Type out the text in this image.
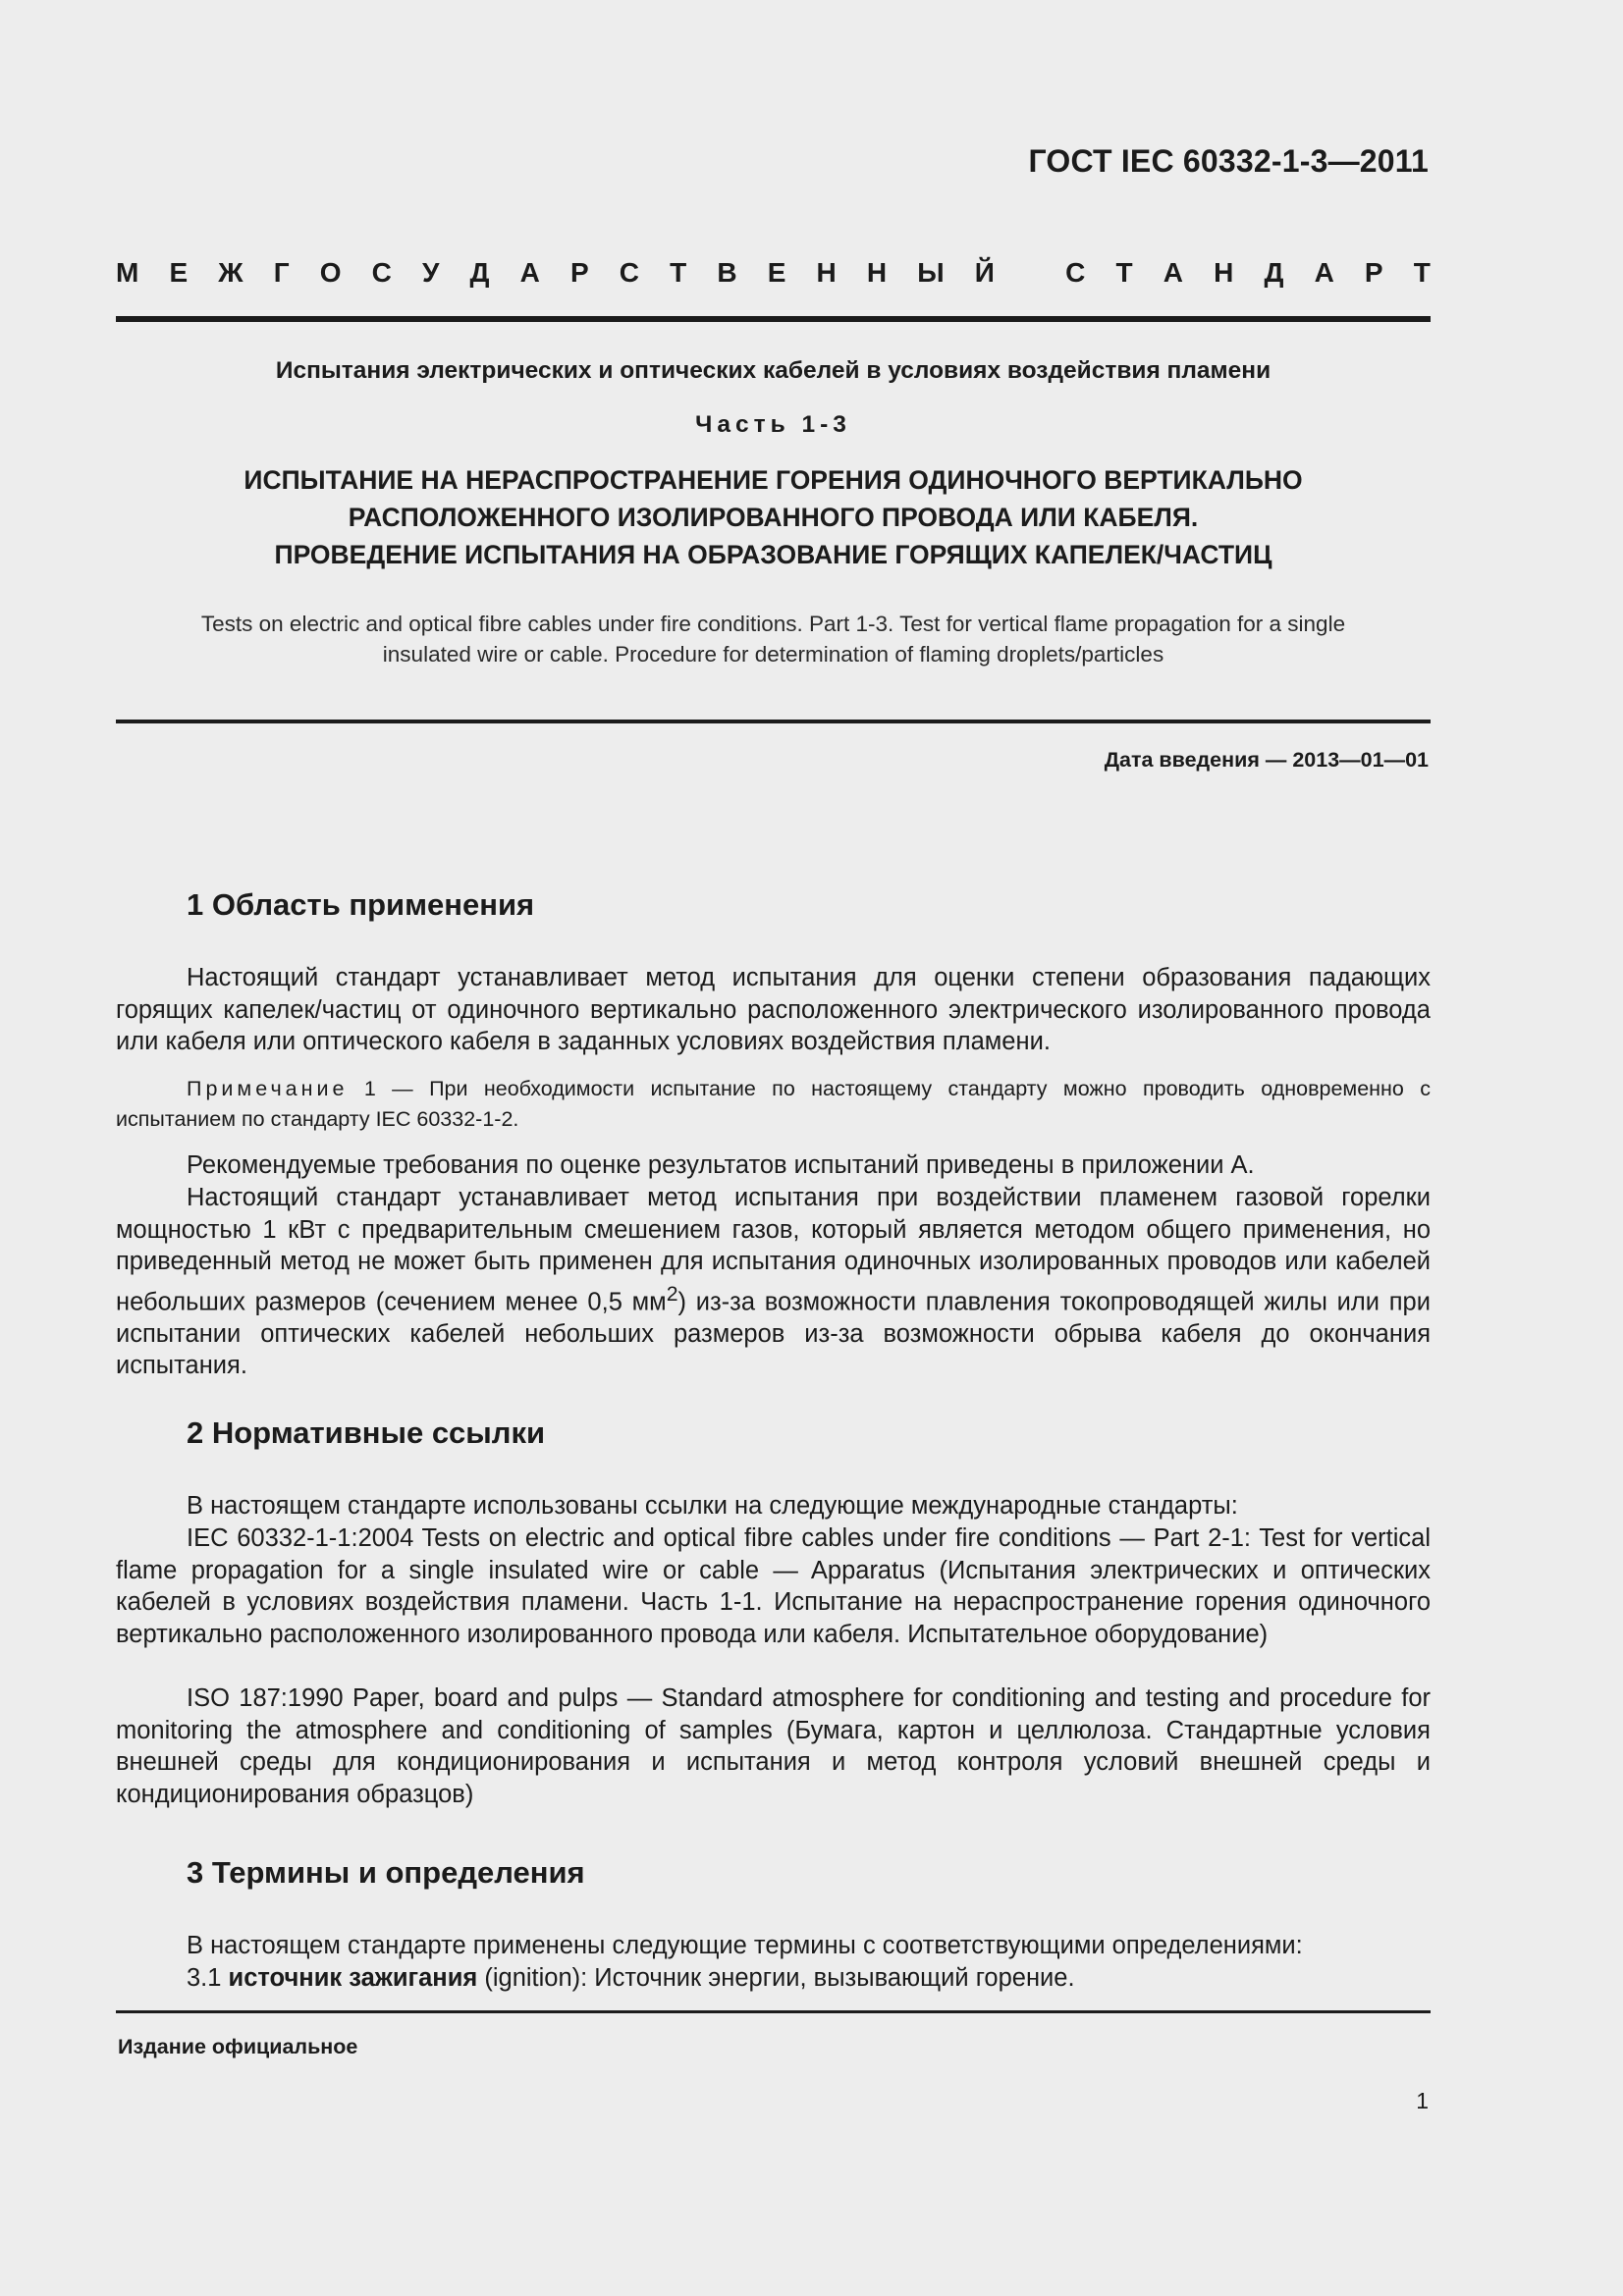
ГОСТ IEC 60332-1-3—2011
М Е Ж Г О С У Д А Р С Т В Е Н Н Ы Й	С Т А Н Д А Р Т
Испытания электрических и оптических кабелей в условиях воздействия пламени
Часть 1-3
ИСПЫТАНИЕ НА НЕРАСПРОСТРАНЕНИЕ ГОРЕНИЯ ОДИНОЧНОГО ВЕРТИКАЛЬНО
РАСПОЛОЖЕННОГО ИЗОЛИРОВАННОГО ПРОВОДА ИЛИ КАБЕЛЯ.
ПРОВЕДЕНИЕ ИСПЫТАНИЯ НА ОБРАЗОВАНИЕ ГОРЯЩИХ КАПЕЛЕК/ЧАСТИЦ
Tests on electric and optical fibre cables under fire conditions. Part 1-3. Test for vertical flame propagation for a single
insulated wire or cable. Procedure for determination of flaming droplets/particles
Дата введения — 2013—01—01
1 Область применения

Настоящий стандарт устанавливает метод испытания для оценки степени образования падающих горящих капелек/частиц от одиночного вертикально расположенного электрического изолированного провода или кабеля или оптического кабеля в заданных условиях воздействия пламени.

Примечание 1 — При необходимости испытание по настоящему стандарту можно проводить одновременно с испытанием по стандарту IEC 60332-1-2.

Рекомендуемые требования по оценке результатов испытаний приведены в приложении А.

Настоящий стандарт устанавливает метод испытания при воздействии пламенем газовой горелки мощностью 1 кВт с предварительным смешением газов, который является методом общего применения, но приведенный метод не может быть применен для испытания одиночных изолированных проводов или кабелей небольших размеров (сечением менее 0,5 $мм^2$) из-за возможности плавления токопроводящей жилы или при испытании оптических кабелей небольших размеров из-за возможности обрыва кабеля до окончания испытания.

2 Нормативные ссылки

В настоящем стандарте использованы ссылки на следующие международные стандарты:

IEC 60332-1-1:2004 Tests on electric and optical fibre cables under fire conditions — Part 2-1: Test for vertical flame propagation for a single insulated wire or cable — Apparatus (Испытания электрических и оптических кабелей в условиях воздействия пламени. Часть 1-1. Испытание на нераспространение горения одиночного вертикально расположенного изолированного провода или кабеля. Испытательное оборудование)

ISO 187:1990 Paper, board and pulps — Standard atmosphere for conditioning and testing and procedure for monitoring the atmosphere and conditioning of samples (Бумага, картон и целлюлоза. Стандартные условия внешней среды для кондиционирования и испытания и метод контроля условий внешней среды и кондиционирования образцов)

3 Термины и определения

В настоящем стандарте применены следующие термины с соответствующими определениями:

3.1 источник зажигания (ignition): Источник энергии, вызывающий горение.

Издание официальное
1
